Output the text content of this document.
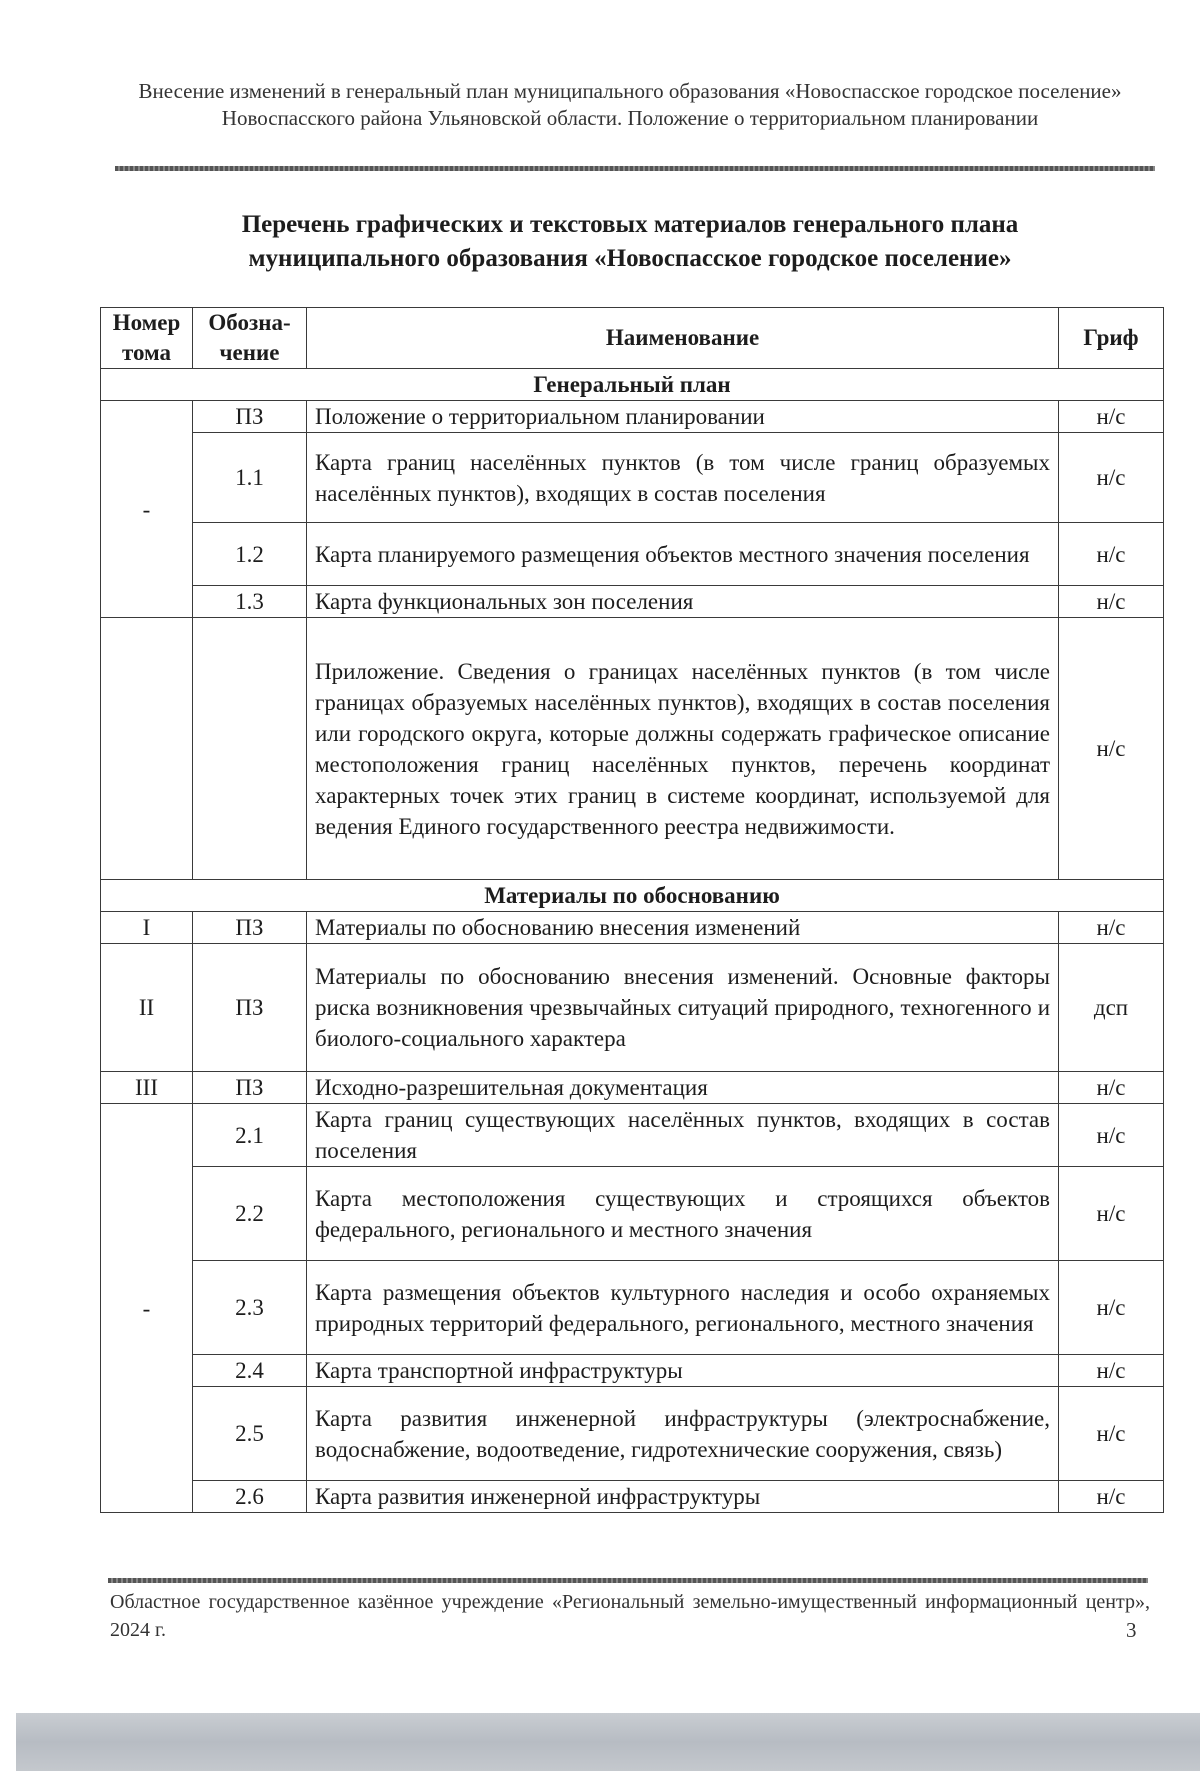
Внесение изменений в генеральный план муниципального образования «Новоспасское городское поселение» Новоспасского района Ульяновской области. Положение о территориальном планировании
Перечень графических и текстовых материалов генерального плана
муниципального образования «Новоспасское городское поселение»
Номер тома	Обозна-чение	Наименование	Гриф
Генеральный план			
-	ПЗ	Положение о территориальном планировании	н/с
	1.1	Карта границ населённых пунктов (в том числе границ образуемых населённых пунктов), входящих в состав поселения	н/с
	1.2	Карта планируемого размещения объектов местного значения поселения	н/с
	1.3	Карта функциональных зон поселения	н/с
		Приложение. Сведения о границах населённых пунктов (в том числе границах образуемых населённых пунктов), входящих в состав поселения или городского округа, которые должны содержать графическое описание местоположения границ населённых пунктов, перечень координат характерных точек этих границ в системе координат, используемой для ведения Единого государственного реестра недвижимости.	н/с
Материалы по обоснованию			
I	ПЗ	Материалы по обоснованию внесения изменений	н/с
II	ПЗ	Материалы по обоснованию внесения изменений. Основные факторы риска возникновения чрезвычайных ситуаций природного, техногенного и биолого-социального характера	дсп
III	ПЗ	Исходно-разрешительная документация	н/с
-	2.1	Карта границ существующих населённых пунктов, входящих в состав поселения	н/с
	2.2	Карта местоположения существующих и строящихся объектов федерального, регионального и местного значения	н/с
	2.3	Карта размещения объектов культурного наследия и особо охраняемых природных территорий федерального, регионального, местного значения	н/с
	2.4	Карта транспортной инфраструктуры	н/с
	2.5	Карта развития инженерной инфраструктуры (электроснабжение, водоснабжение, водоотведение, гидротехнические сооружения, связь)	н/с
	2.6	Карта развития инженерной инфраструктуры	н/с
Областное государственное казённое учреждение «Региональный земельно-имущественный информационный центр», 2024 г.	3
